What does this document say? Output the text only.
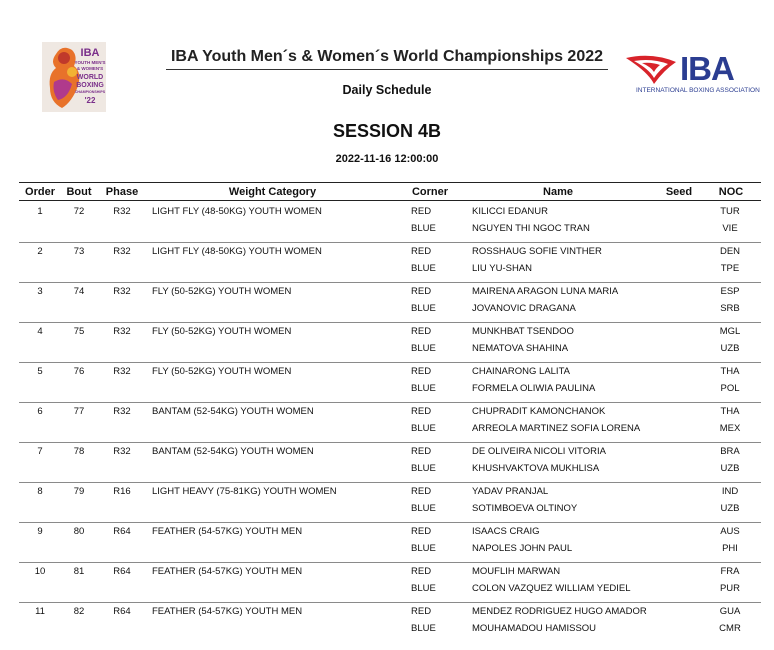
IBA
YOUTH MEN'S
& WOMEN'S
WORLD
BOXING
CHAMPIONSHIPS
'22
IBA Youth Men´s & Women´s World Championships 2022
Daily Schedule
IBA
INTERNATIONAL BOXING ASSOCIATION
SESSION 4B
2022-11-16 12:00:00
Order	Bout	Phase	Weight Category	Corner	Name	Seed	NOC
1	72	R32	LIGHT FLY (48-50KG) YOUTH WOMEN	RED	KILICCI EDANUR	TUR
BLUE	NGUYEN THI NGOC TRAN	VIE
2	73	R32	LIGHT FLY (48-50KG) YOUTH WOMEN	RED	ROSSHAUG SOFIE VINTHER	DEN
BLUE	LIU YU-SHAN	TPE
3	74	R32	FLY (50-52KG) YOUTH WOMEN	RED	MAIRENA ARAGON LUNA MARIA	ESP
BLUE	JOVANOVIC DRAGANA	SRB
4	75	R32	FLY (50-52KG) YOUTH WOMEN	RED	MUNKHBAT TSENDOO	MGL
BLUE	NEMATOVA SHAHINA	UZB
5	76	R32	FLY (50-52KG) YOUTH WOMEN	RED	CHAINARONG LALITA	THA
BLUE	FORMELA OLIWIA PAULINA	POL
6	77	R32	BANTAM (52-54KG) YOUTH WOMEN	RED	CHUPRADIT KAMONCHANOK	THA
BLUE	ARREOLA MARTINEZ SOFIA LORENA	MEX
7	78	R32	BANTAM (52-54KG) YOUTH WOMEN	RED	DE OLIVEIRA NICOLI VITORIA	BRA
BLUE	KHUSHVAKTOVA MUKHLISA	UZB
8	79	R16	LIGHT HEAVY (75-81KG) YOUTH WOMEN	RED	YADAV PRANJAL	IND
BLUE	SOTIMBOEVA OLTINOY	UZB
9	80	R64	FEATHER (54-57KG) YOUTH MEN	RED	ISAACS CRAIG	AUS
BLUE	NAPOLES JOHN PAUL	PHI
10	81	R64	FEATHER (54-57KG) YOUTH MEN	RED	MOUFLIH MARWAN	FRA
BLUE	COLON VAZQUEZ WILLIAM YEDIEL	PUR
11	82	R64	FEATHER (54-57KG) YOUTH MEN	RED	MENDEZ RODRIGUEZ HUGO AMADOR	GUA
BLUE	MOUHAMADOU HAMISSOU	CMR
